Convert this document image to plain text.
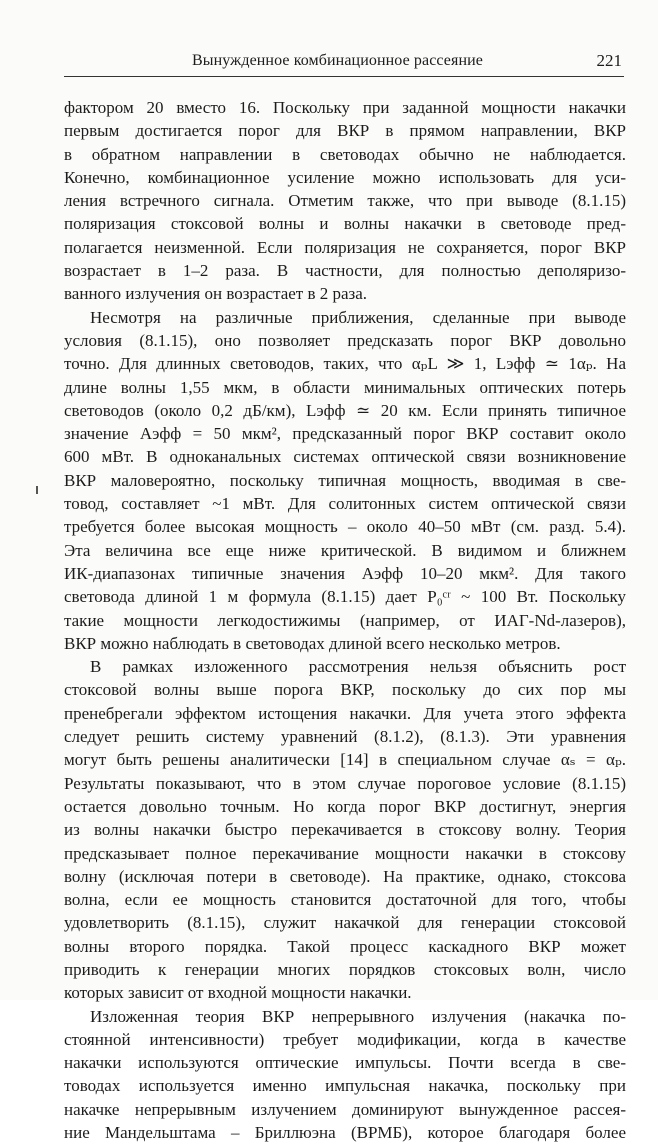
Вынужденное комбинационное рассеяние	221
фактором 20 вместо 16. Поскольку при заданной мощности накачки
первым достигается порог для ВКР в прямом направлении, ВКР
в обратном направлении в световодах обычно не наблюдается.
Конечно, комбинационное усиление можно использовать для уси-
ления встречного сигнала. Отметим также, что при выводе (8.1.15)
поляризация стоксовой волны и волны накачки в световоде пред-
полагается неизменной. Если поляризация не сохраняется, порог ВКР
возрастает в 1–2 раза. В частности, для полностью деполяризо-
ванного излучения он возрастает в 2 раза.
Несмотря на различные приближения, сделанные при выводе
условия (8.1.15), оно позволяет предсказать порог ВКР довольно
точно. Для длинных световодов, таких, что αₚL ≫ 1, Lэфф ≃ 1αₚ. На
длине волны 1,55 мкм, в области минимальных оптических потерь
световодов (около 0,2 дБ/км), Lэфф ≃ 20 км. Если принять типичное
значение Aэфф = 50 мкм², предсказанный порог ВКР составит около
600 мВт. В одноканальных системах оптической связи возникновение
ВКР маловероятно, поскольку типичная мощность, вводимая в све-
товод, составляет ~1 мВт. Для солитонных систем оптической связи
требуется более высокая мощность – около 40–50 мВт (см. разд. 5.4).
Эта величина все еще ниже критической. В видимом и ближнем
ИК-диапазонах типичные значения Aэфф 10–20 мкм². Для такого
световода длиной 1 м формула (8.1.15) дает P₀ᶜʳ ~ 100 Вт. Поскольку
такие мощности легкодостижимы (например, от ИАГ-Nd-лазеров),
ВКР можно наблюдать в световодах длиной всего несколько метров.
В рамках изложенного рассмотрения нельзя объяснить рост
стоксовой волны выше порога ВКР, поскольку до сих пор мы
пренебрегали эффектом истощения накачки. Для учета этого эффекта
следует решить систему уравнений (8.1.2), (8.1.3). Эти уравнения
могут быть решены аналитически [14] в специальном случае αₛ = αₚ.
Результаты показывают, что в этом случае пороговое условие (8.1.15)
остается довольно точным. Но когда порог ВКР достигнут, энергия
из волны накачки быстро перекачивается в стоксову волну. Теория
предсказывает полное перекачивание мощности накачки в стоксову
волну (исключая потери в световоде). На практике, однако, стоксова
волна, если ее мощность становится достаточной для того, чтобы
удовлетворить (8.1.15), служит накачкой для генерации стоксовой
волны второго порядка. Такой процесс каскадного ВКР может
приводить к генерации многих порядков стоксовых волн, число
которых зависит от входной мощности накачки.
Изложенная теория ВКР непрерывного излучения (накачка по-
стоянной интенсивности) требует модификации, когда в качестве
накачки используются оптические импульсы. Почти всегда в све-
товодах используется именно импульсная накачка, поскольку при
накачке непрерывным излучением доминируют вынужденное рассея-
ние Мандельштама – Бриллюэна (ВРМБ), которое благодаря более
